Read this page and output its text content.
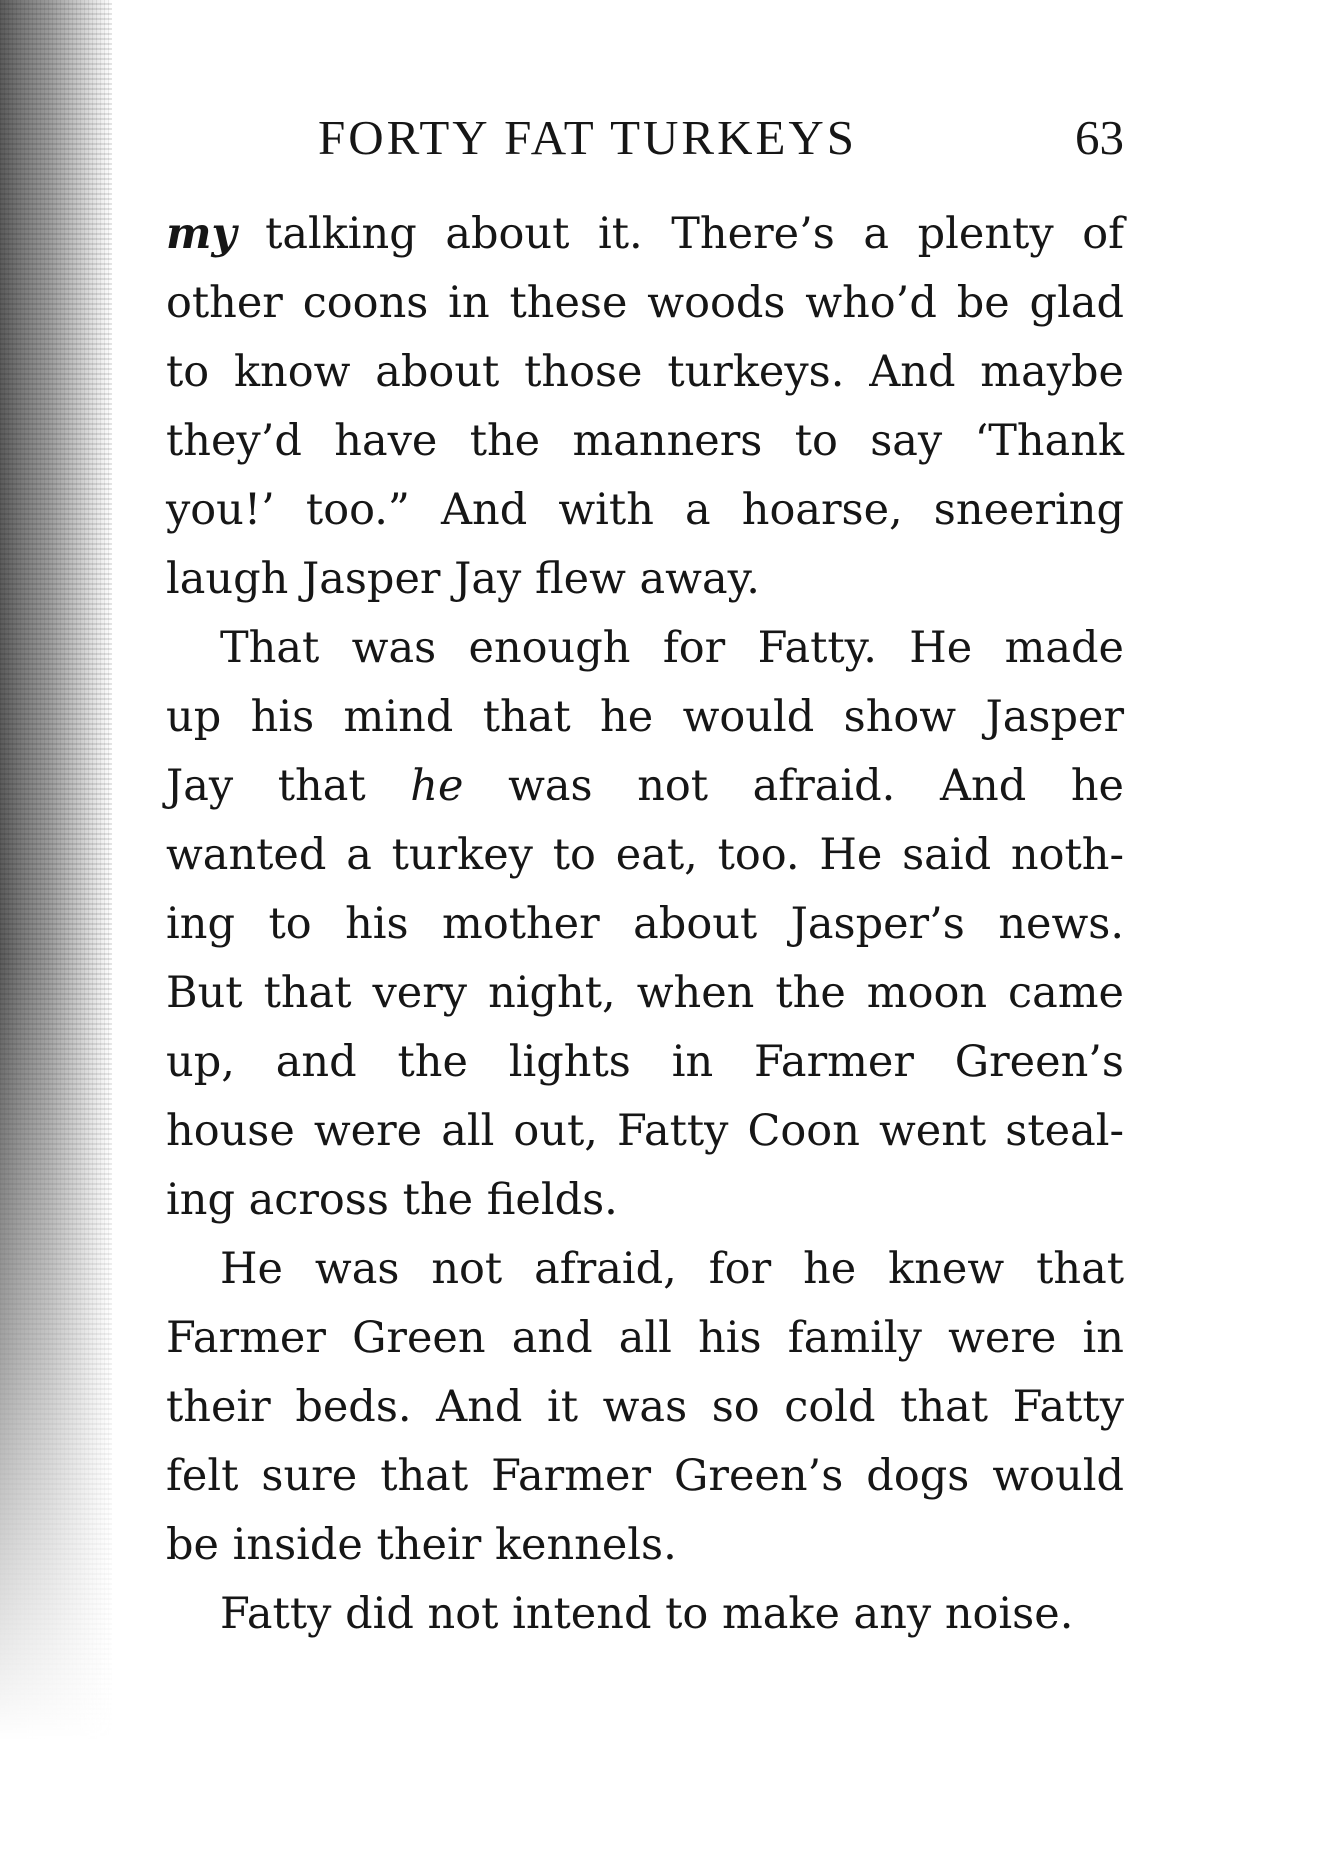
FORTY FAT TURKEYS	63
my talking about it. There’s a plenty of
other coons in these woods who’d be glad
to know about those turkeys. And maybe
they’d have the manners to say ‘Thank
you!’ too.” And with a hoarse, sneering
laugh Jasper Jay flew away.
That was enough for Fatty. He made
up his mind that he would show Jasper
Jay that he was not afraid. And he
wanted a turkey to eat, too. He said noth-
ing to his mother about Jasper’s news.
But that very night, when the moon came
up, and the lights in Farmer Green’s
house were all out, Fatty Coon went steal-
ing across the fields.
He was not afraid, for he knew that
Farmer Green and all his family were in
their beds. And it was so cold that Fatty
felt sure that Farmer Green’s dogs would
be inside their kennels.
Fatty did not intend to make any noise.
